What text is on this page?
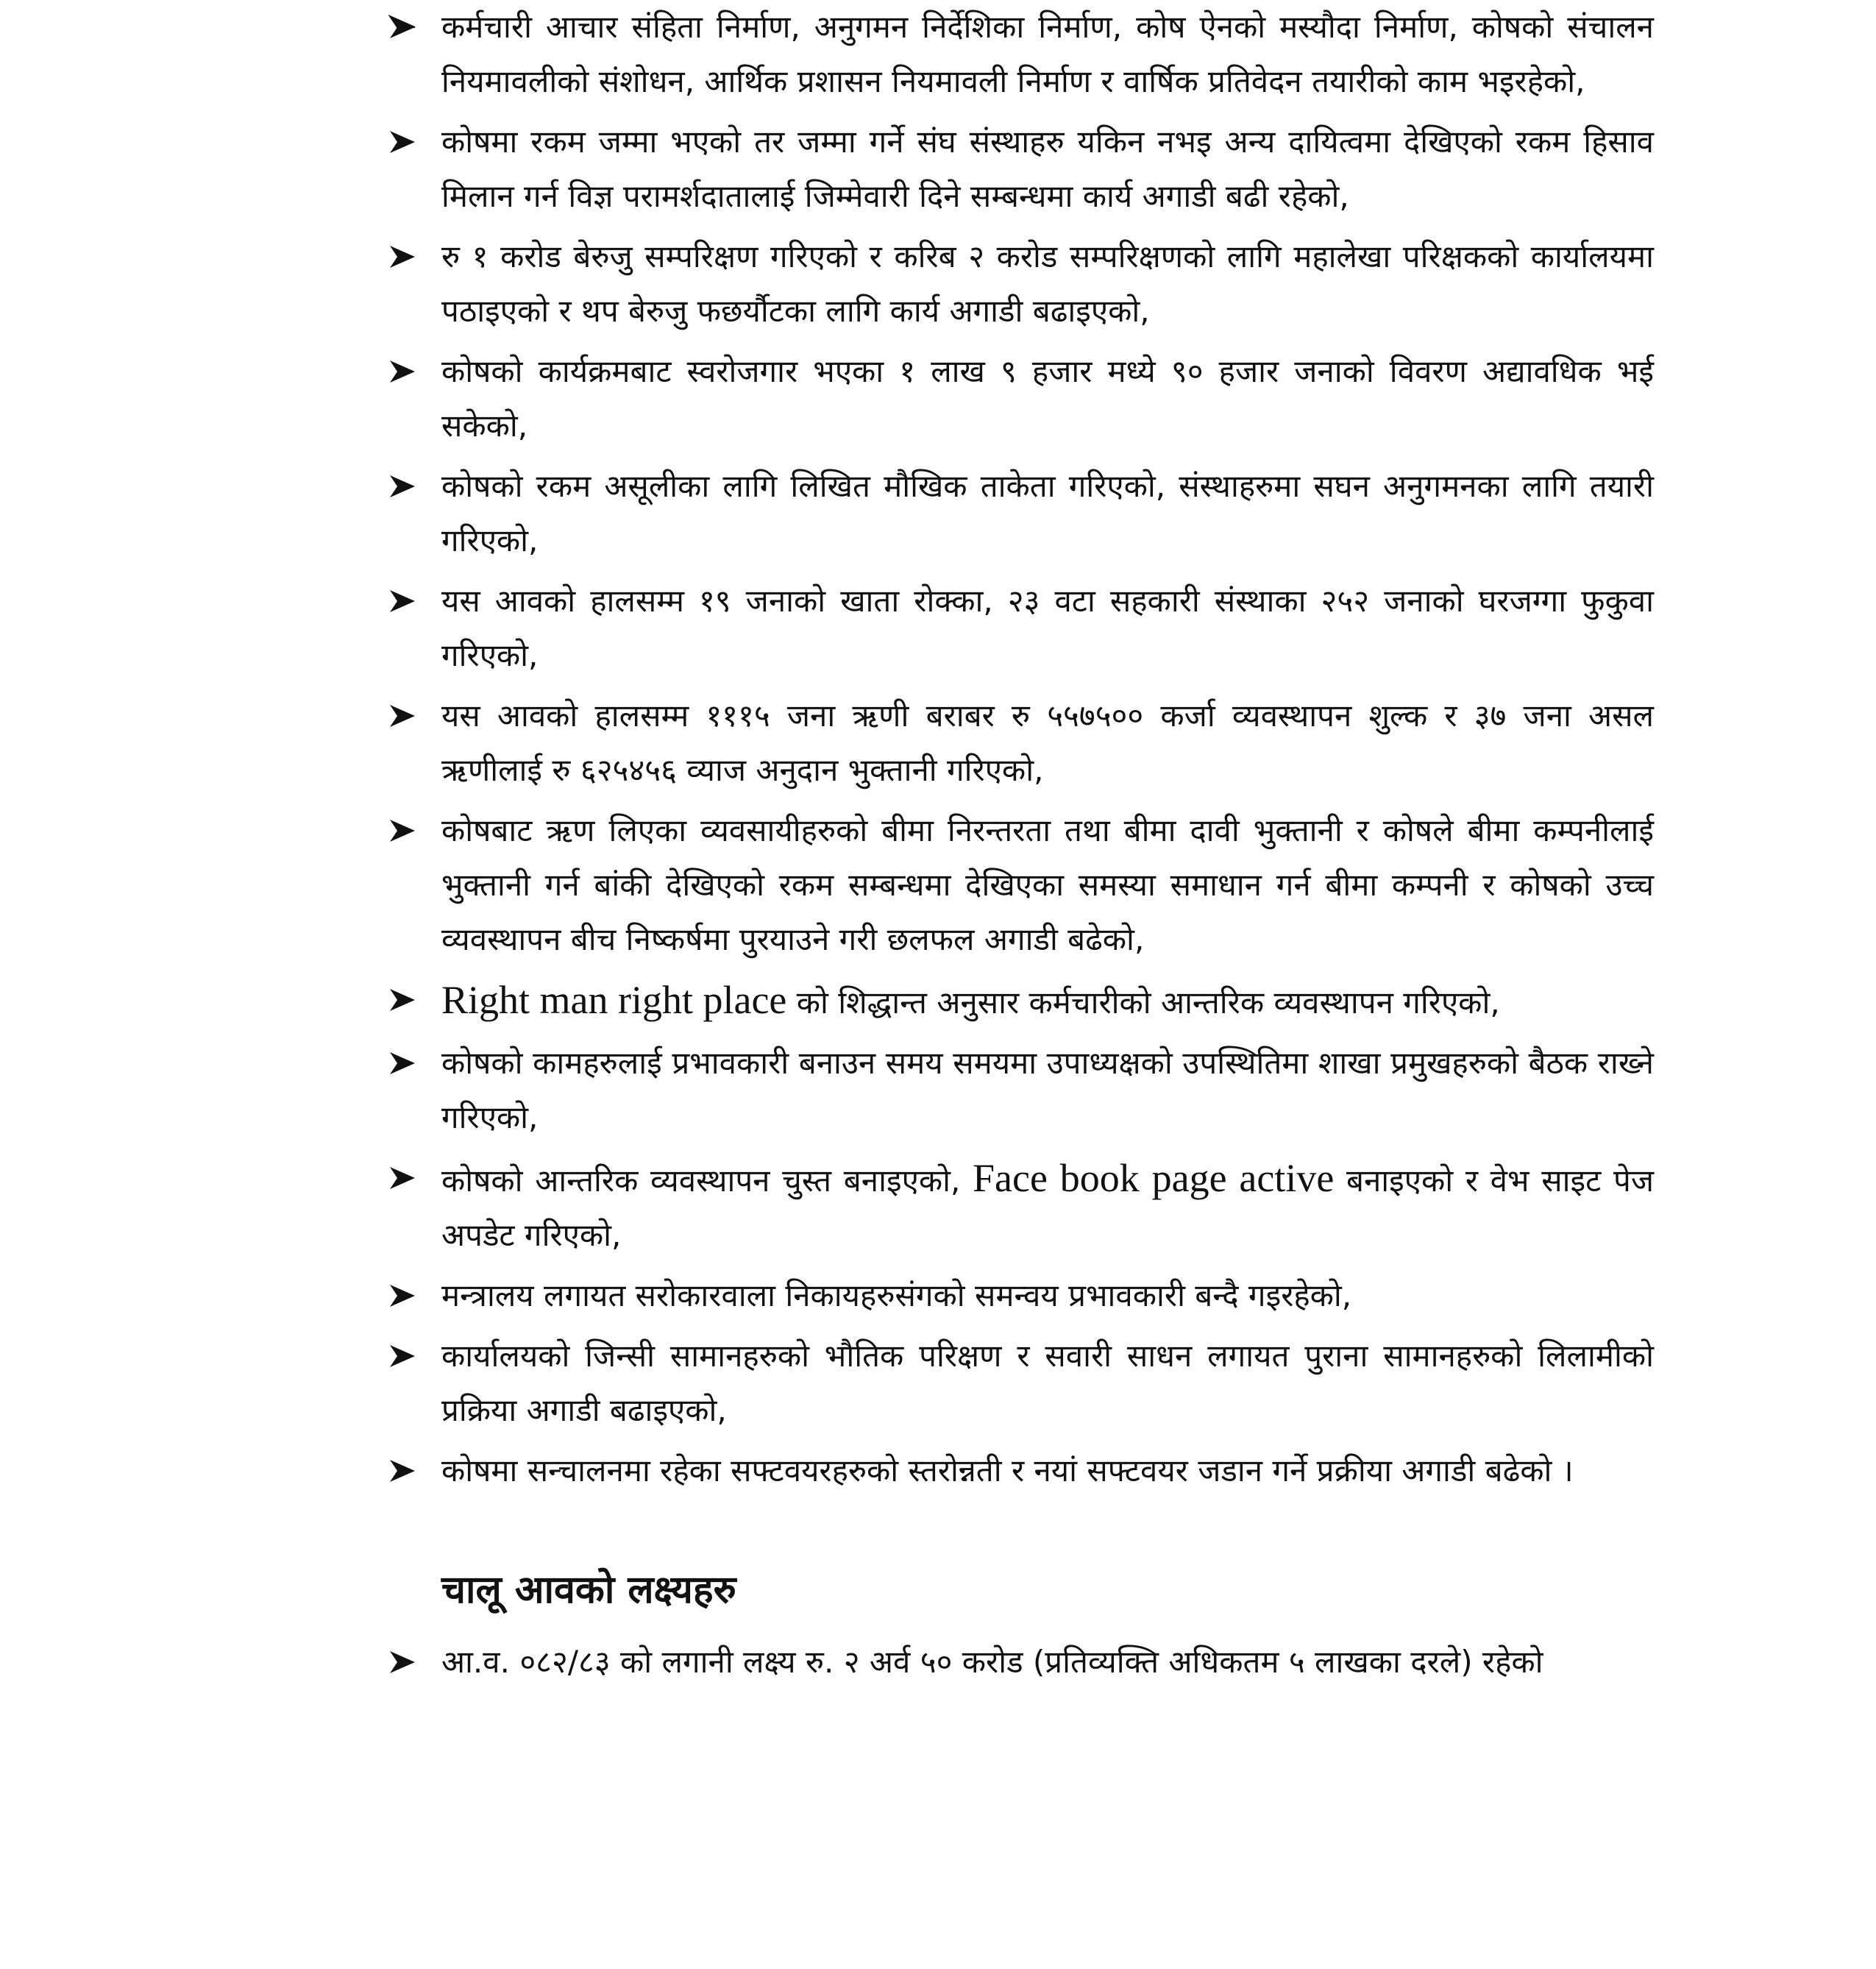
कर्मचारी आचार संहिता निर्माण, अनुगमन निर्देशिका निर्माण, कोष ऐनको मस्यौदा निर्माण, कोषको संचालन नियमावलीको संशोधन, आर्थिक प्रशासन नियमावली निर्माण र वार्षिक प्रतिवेदन तयारीको काम भइरहेको,
कोषमा रकम जम्मा भएको तर जम्मा गर्ने संघ संस्थाहरु यकिन नभइ अन्य दायित्वमा देखिएको रकम हिसाव मिलान गर्न विज्ञ परामर्शदातालाई जिम्मेवारी दिने सम्बन्धमा कार्य अगाडी बढी रहेको,
रु १ करोड बेरुजु सम्परिक्षण गरिएको र करिब २ करोड सम्परिक्षणको लागि महालेखा परिक्षकको कार्यालयमा पठाइएको र थप बेरुजु फछर्यौटका लागि कार्य अगाडी बढाइएको,
कोषको कार्यक्रमबाट स्वरोजगार भएका १ लाख ९ हजार मध्ये ९० हजार जनाको विवरण अद्यावधिक भई सकेको,
कोषको रकम असूलीका लागि लिखित मौखिक ताकेता गरिएको, संस्थाहरुमा सघन अनुगमनका लागि तयारी गरिएको,
यस आवको हालसम्म १९ जनाको खाता रोक्का, २३ वटा सहकारी संस्थाका २५२ जनाको घरजग्गा फुकुवा गरिएको,
यस आवको हालसम्म १११५ जना ऋणी बराबर रु ५५७५०० कर्जा व्यवस्थापन शुल्क र ३७ जना असल ऋणीलाई रु ६२५४५६ व्याज अनुदान भुक्तानी गरिएको,
कोषबाट ऋण लिएका व्यवसायीहरुको बीमा निरन्तरता तथा बीमा दावी भुक्तानी र कोषले बीमा कम्पनीलाई भुक्तानी गर्न बांकी देखिएको रकम सम्बन्धमा देखिएका समस्या समाधान गर्न बीमा कम्पनी र कोषको उच्च व्यवस्थापन बीच निष्कर्षमा पुरयाउने गरी छलफल अगाडी बढेको,
Right man right place को शिद्धान्त अनुसार कर्मचारीको आन्तरिक व्यवस्थापन गरिएको,
कोषको कामहरुलाई प्रभावकारी बनाउन समय समयमा उपाध्यक्षको उपस्थितिमा शाखा प्रमुखहरुको बैठक राख्ने गरिएको,
कोषको आन्तरिक व्यवस्थापन चुस्त बनाइएको, Face book page active बनाइएको र वेभ साइट पेज अपडेट गरिएको,
मन्त्रालय लगायत सरोकारवाला निकायहरुसंगको समन्वय प्रभावकारी बन्दै गइरहेको,
कार्यालयको जिन्सी सामानहरुको भौतिक परिक्षण र सवारी साधन लगायत पुराना सामानहरुको लिलामीको प्रक्रिया अगाडी बढाइएको,
कोषमा सन्चालनमा रहेका सफ्टवयरहरुको स्तरोन्नती र नयां सफ्टवयर जडान गर्ने प्रक्रीया अगाडी बढेको ।
चालू आवको लक्ष्यहरु
आ.व. ०८२/८३ को लगानी लक्ष्य रु. २ अर्व ५० करोड (प्रतिव्यक्ति अधिकतम ५ लाखका दरले) रहेको
